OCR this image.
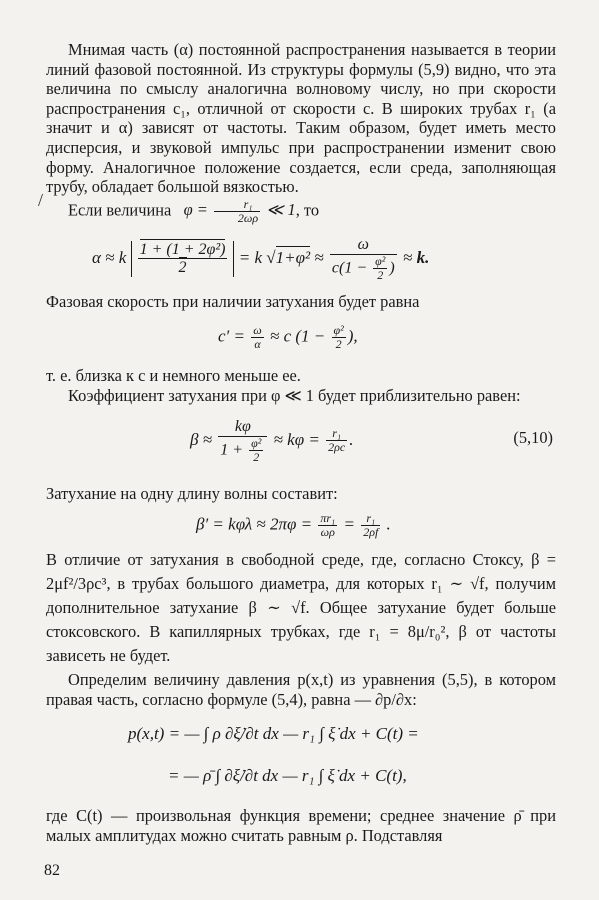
Мнимая часть (α) постоянной распространения называется в теории линий фазовой постоянной. Из структуры формулы (5,9) видно, что эта величина по смыслу аналогична волновому числу, но при скорости распространения c₁, отличной от скорости c. В широких трубах r₁ (а значит и α) зависят от частоты. Таким образом, будет иметь место дисперсия, и звуковой импульс при распространении изменит свою форму. Аналогичное положение создается, если среда, заполняющая трубу, обладает большой вязкостью.
/	Если величина   $\varphi = \frac{\text{r₁}}{2\omega\rho}$ ≪ 1, то
α ≈ k $\frac{\text{1 + (1 + 2φ²)}}{2} = k$ $√1+\varphi^2 \approx \frac{\omega}{c(1 - \frac{\text{φ²}}{2} )} \approx k$.
Фазовая скорость при наличии затухания будет равна
$c' = \frac{\omega}{\alpha} \approx c$ ($1 - \frac{\text{φ²}}{2}$ ),
т. е. близка к c и немного меньше ее.
Коэффициент затухания при φ ≪ 1 будет приблизительно равен:
$\beta \approx \frac{k\varphi}{1 + \frac{\text{φ²}}{2}} \approx k\varphi = \frac{\text{r₁}}{2\rho c}$ .	(5,10)
Затухание на одну длину волны составит:
$\beta' = k\varphi\lambda \approx 2\pi\varphi = \frac{\text{πr₁}}{\omega\rho} = \frac{\text{r₁}}{2\rho f}$ .
В отличие от затухания в свободной среде, где, согласно Стоксу, β = 2μf²/3ρc³, в трубах большого диаметра, для которых r₁ ∼ √f, получим дополнительное затухание β ∼ √f. Общее затухание будет больше стоксовского. В капиллярных трубках, где r₁ = 8μ/r₀², β от частоты зависеть не будет.
Определим величину давления p(x,t) из уравнения (5,5), в котором правая часть, согласно формуле (5,4), равна — ∂p/∂x:
p(x,t) = — ∫ ρ ∂ξ̇/∂t dx — r₁ ∫ ξ̇ dx + C(t) =
= — ρ̄ ∫ ∂ξ̇/∂t dx — r₁ ∫ ξ̇ dx + C(t),
где C(t) — произвольная функция времени; среднее значение ρ̄ при малых амплитудах можно считать равным ρ. Подставляя
82
